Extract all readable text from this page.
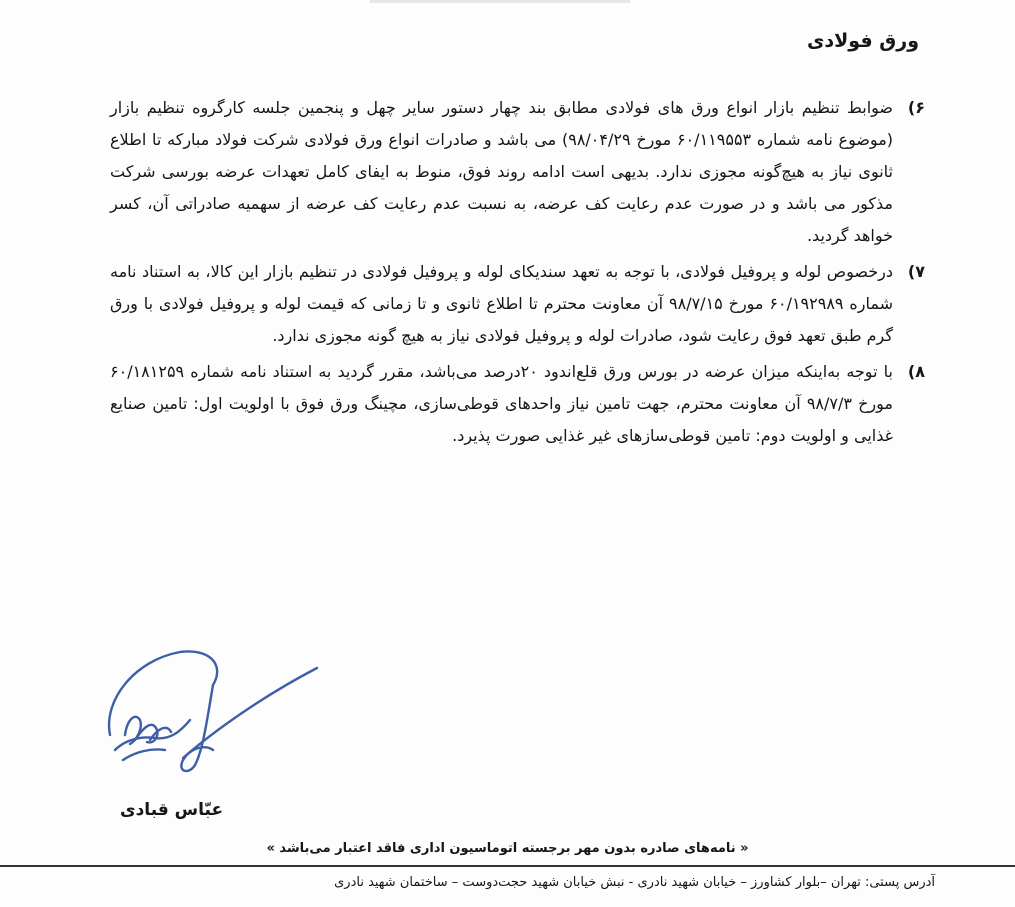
ورق فولادی
۶)

ضوابط تنظیم بازار انواع ورق های فولادی مطابق بند چهار دستور سایر چهل و پنجمین جلسه کارگروه تنظیم بازار (موضوع نامه شماره ۶۰/۱۱۹۵۵۳ مورخ ۹۸/۰۴/۲۹) می باشد و صادرات انواع ورق فولادی شرکت فولاد مبارکه تا اطلاع ثانوی نیاز به هیچ‌گونه مجوزی ندارد. بدیهی است ادامه روند فوق، منوط به ایفای کامل تعهدات عرضه بورسی شرکت مذکور می باشد و در صورت عدم رعایت کف عرضه، به نسبت عدم رعایت کف عرضه از سهمیه صادراتی آن، کسر خواهد گردید.

۷)

درخصوص لوله و پروفیل فولادی، با توجه به تعهد سندیکای لوله و پروفیل فولادی در تنظیم بازار این کالا، به استناد نامه شماره ۶۰/۱۹۲۹۸۹ مورخ ۹۸/۷/۱۵ آن معاونت محترم تا اطلاع ثانوی و تا زمانی که قیمت لوله و پروفیل فولادی با ورق گرم طبق تعهد فوق رعایت شود، صادرات لوله و پروفیل فولادی نیاز به هیچ گونه مجوزی ندارد.

۸)

با توجه به‌اینکه میزان عرضه در بورس ورق قلع‌اندود ۲۰درصد می‌باشد، مقرر گردید به استناد نامه شماره ۶۰/۱۸۱۲۵۹ مورخ ۹۸/۷/۳ آن معاونت محترم، جهت تامین نیاز واحدهای قوطی‌سازی، مچینگ ورق فوق با اولویت اول: تامین صنایع غذایی و اولویت دوم: تامین قوطی‌سازهای غیر غذایی صورت پذیرد.

عبّاس قبادی
« نامه‌های صادره بدون مهر برجسته اتوماسیون اداری فاقد اعتبار می‌باشد »
آدرس پستی: تهران –بلوار کشاورز – خیابان شهید نادری - نبش خیابان شهید حجت‌دوست – ساختمان شهید نادری
